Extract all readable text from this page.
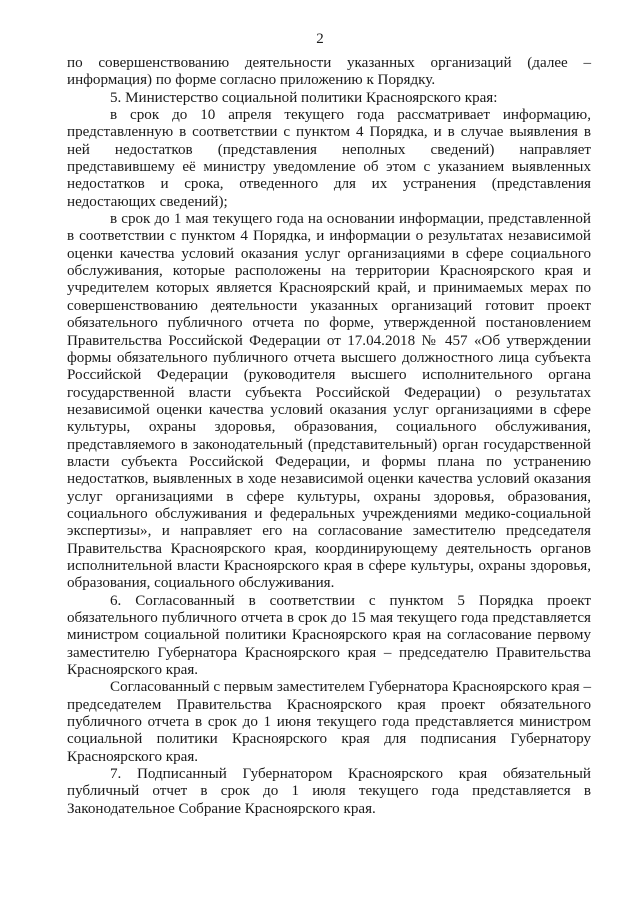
2

по совершенствованию деятельности указанных организаций (далее – информация) по форме согласно приложению к Порядку.

5. Министерство социальной политики Красноярского края:

в срок до 10 апреля текущего года рассматривает информацию, представленную в соответствии с пунктом 4 Порядка, и в случае выявления в ней недостатков (представления неполных сведений) направляет представившему её министру уведомление об этом с указанием выявленных недостатков и срока, отведенного для их устранения (представления недостающих сведений);

в срок до 1 мая текущего года на основании информации, представленной в соответствии с пунктом 4 Порядка, и информации о результатах независимой оценки качества условий оказания услуг организациями в сфере социального обслуживания, которые расположены на территории Красноярского края и учредителем которых является Красноярский край, и принимаемых мерах по совершенствованию деятельности указанных организаций готовит проект обязательного публичного отчета по форме, утвержденной постановлением Правительства Российской Федерации от 17.04.2018 № 457 «Об утверждении формы обязательного публичного отчета высшего должностного лица субъекта Российской Федерации (руководителя высшего исполнительного органа государственной власти субъекта Российской Федерации) о результатах независимой оценки качества условий оказания услуг организациями в сфере культуры, охраны здоровья, образования, социального обслуживания, представляемого в законодательный (представительный) орган государственной власти субъекта Российской Федерации, и формы плана по устранению недостатков, выявленных в ходе независимой оценки качества условий оказания услуг организациями в сфере культуры, охраны здоровья, образования, социального обслуживания и федеральных учреждениями медико-социальной экспертизы», и направляет его на согласование заместителю председателя Правительства Красноярского края, координирующему деятельность органов исполнительной власти Красноярского края в сфере культуры, охраны здоровья, образования, социального обслуживания.

6. Согласованный в соответствии с пунктом 5 Порядка проект обязательного публичного отчета в срок до 15 мая текущего года представляется министром социальной политики Красноярского края на согласование первому заместителю Губернатора Красноярского края – председателю Правительства Красноярского края.

Согласованный с первым заместителем Губернатора Красноярского края – председателем Правительства Красноярского края проект обязательного публичного отчета в срок до 1 июня текущего года представляется министром социальной политики Красноярского края для подписания Губернатору Красноярского края.

7. Подписанный Губернатором Красноярского края обязательный публичный отчет в срок до 1 июля текущего года представляется в Законодательное Собрание Красноярского края.
